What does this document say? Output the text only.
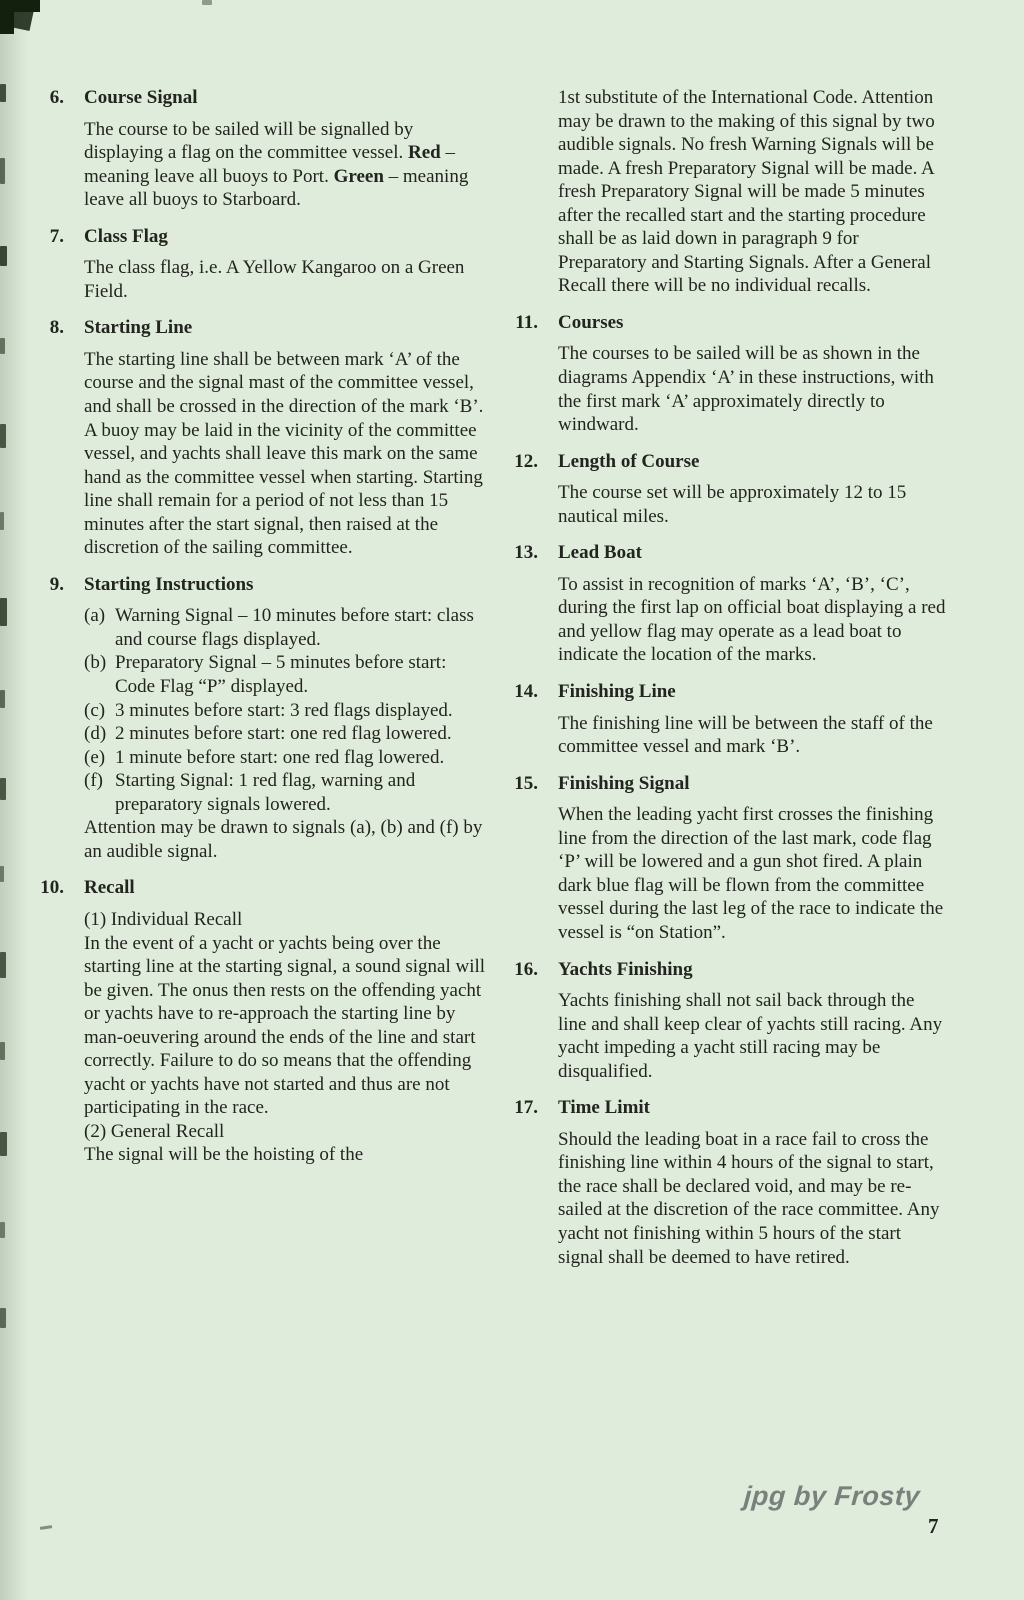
6. Course Signal

The course to be sailed will be signalled by displaying a flag on the committee vessel. Red – meaning leave all buoys to Port. Green – meaning leave all buoys to Starboard.

7. Class Flag

The class flag, i.e. A Yellow Kangaroo on a Green Field.

8. Starting Line

The starting line shall be between mark ‘A’ of the course and the signal mast of the committee vessel, and shall be crossed in the direction of the mark ‘B’. A buoy may be laid in the vicinity of the committee vessel, and yachts shall leave this mark on the same hand as the committee vessel when starting. Starting line shall remain for a period of not less than 15 minutes after the start signal, then raised at the discretion of the sailing committee.

9. Starting Instructions
(a) Warning Signal – 10 minutes before start: class and course flags displayed.
(b) Preparatory Signal – 5 minutes before start: Code Flag “P” displayed.
(c) 3 minutes before start: 3 red flags displayed.
(d) 2 minutes before start: one red flag lowered.
(e) 1 minute before start: one red flag lowered.
(f) Starting Signal: 1 red flag, warning and preparatory signals lowered.

Attention may be drawn to signals (a), (b) and (f) by an audible signal.

10. Recall

(1) Individual Recall

In the event of a yacht or yachts being over the starting line at the starting signal, a sound signal will be given. The onus then rests on the offending yacht or yachts have to re-approach the starting line by man-oeuvering around the ends of the line and start correctly. Failure to do so means that the offending yacht or yachts have not started and thus are not participating in the race.

(2) General Recall

The signal will be the hoisting of the

1st substitute of the International Code. Attention may be drawn to the making of this signal by two audible signals. No fresh Warning Signals will be made. A fresh Preparatory Signal will be made. A fresh Preparatory Signal will be made 5 minutes after the recalled start and the starting procedure shall be as laid down in paragraph 9 for Preparatory and Starting Signals. After a General Recall there will be no individual recalls.

11. Courses

The courses to be sailed will be as shown in the diagrams Appendix ‘A’ in these instructions, with the first mark ‘A’ approximately directly to windward.

12. Length of Course

The course set will be approximately 12 to 15 nautical miles.

13. Lead Boat

To assist in recognition of marks ‘A’, ‘B’, ‘C’, during the first lap on official boat displaying a red and yellow flag may operate as a lead boat to indicate the location of the marks.

14. Finishing Line

The finishing line will be between the staff of the committee vessel and mark ‘B’.

15. Finishing Signal

When the leading yacht first crosses the finishing line from the direction of the last mark, code flag ‘P’ will be lowered and a gun shot fired. A plain dark blue flag will be flown from the committee vessel during the last leg of the race to indicate the vessel is “on Station”.

16. Yachts Finishing

Yachts finishing shall not sail back through the line and shall keep clear of yachts still racing. Any yacht impeding a yacht still racing may be disqualified.

17. Time Limit

Should the leading boat in a race fail to cross the finishing line within 4 hours of the signal to start, the race shall be declared void, and may be re-sailed at the discretion of the race committee. Any yacht not finishing within 5 hours of the start signal shall be deemed to have retired.

jpg by Frosty
7
